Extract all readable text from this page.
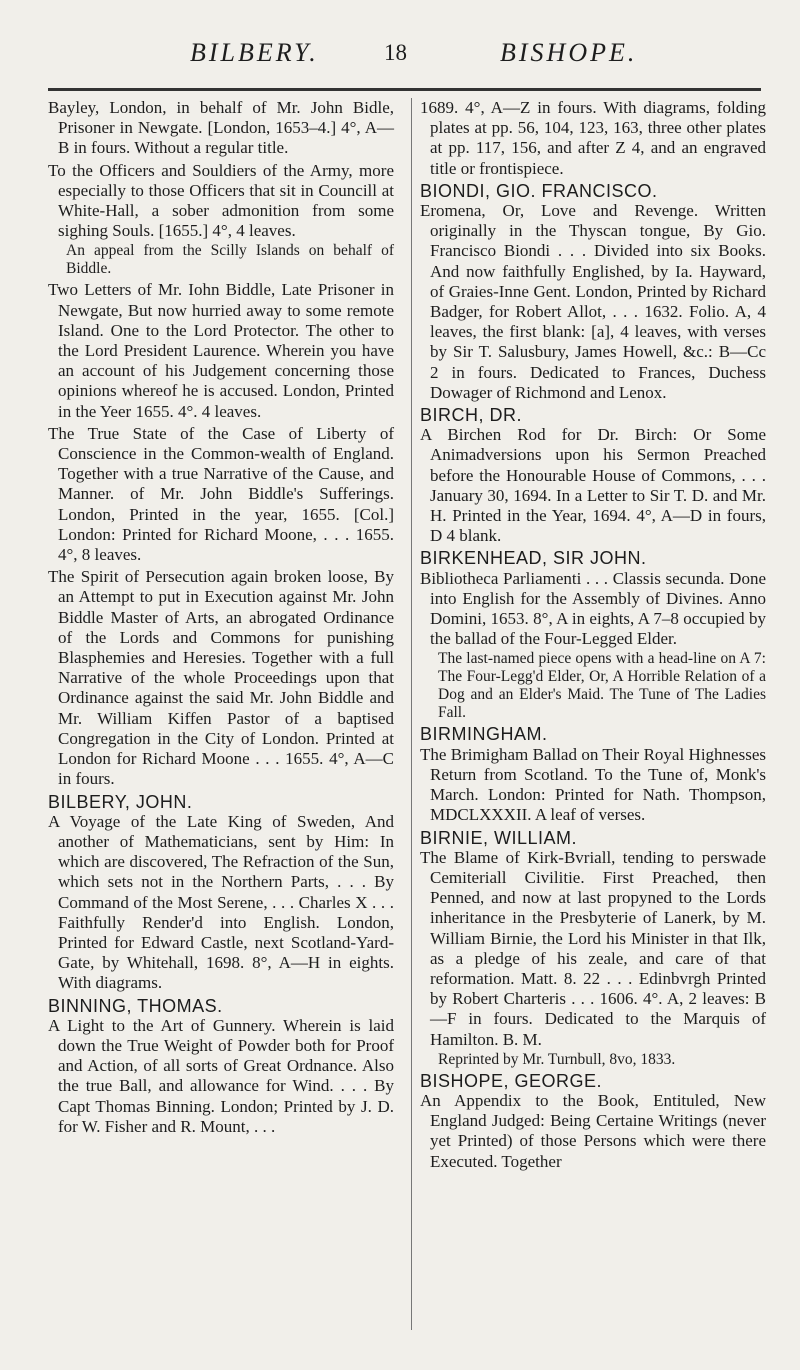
BILBERY.	18	BISHOPE.

Bayley, London, in behalf of Mr. John Bidle, Prisoner in Newgate. [London, 1653–4.] 4°, A—B in fours. Without a regular title.

To the Officers and Souldiers of the Army, more especially to those Officers that sit in Councill at White-Hall, a sober admonition from some sighing Souls. [1655.] 4°, 4 leaves.

An appeal from the Scilly Islands on behalf of Biddle.

Two Letters of Mr. Iohn Biddle, Late Prisoner in Newgate, But now hurried away to some remote Island. One to the Lord Protector. The other to the Lord President Laurence. Wherein you have an account of his Judgement concerning those opinions whereof he is accused. London, Printed in the Yeer 1655. 4°. 4 leaves.

The True State of the Case of Liberty of Conscience in the Common-wealth of England. Together with a true Narrative of the Cause, and Manner. of Mr. John Biddle's Sufferings. London, Printed in the year, 1655. [Col.] London: Printed for Richard Moone, . . . 1655. 4°, 8 leaves.

The Spirit of Persecution again broken loose, By an Attempt to put in Execution against Mr. John Biddle Master of Arts, an abrogated Ordinance of the Lords and Commons for punishing Blasphemies and Heresies. Together with a full Narrative of the whole Proceedings upon that Ordinance against the said Mr. John Biddle and Mr. William Kiffen Pastor of a baptised Congregation in the City of London. Printed at London for Richard Moone . . . 1655. 4°, A—C in fours.

BILBERY, JOHN.

A Voyage of the Late King of Sweden, And another of Mathematicians, sent by Him: In which are discovered, The Refraction of the Sun, which sets not in the Northern Parts, . . . By Command of the Most Serene, . . . Charles X . . . Faithfully Render'd into English. London, Printed for Edward Castle, next Scotland-Yard-Gate, by Whitehall, 1698. 8°, A—H in eights. With diagrams.

BINNING, THOMAS.

A Light to the Art of Gunnery. Wherein is laid down the True Weight of Powder both for Proof and Action, of all sorts of Great Ordnance. Also the true Ball, and allowance for Wind. . . . By Capt Thomas Binning. London; Printed by J. D. for W. Fisher and R. Mount, . . .

1689. 4°, A—Z in fours. With diagrams, folding plates at pp. 56, 104, 123, 163, three other plates at pp. 117, 156, and after Z 4, and an engraved title or frontispiece.

BIONDI, GIO. FRANCISCO.

Eromena, Or, Love and Revenge. Written originally in the Thyscan tongue, By Gio. Francisco Biondi . . . Divided into six Books. And now faithfully Englished, by Ia. Hayward, of Graies-Inne Gent. London, Printed by Richard Badger, for Robert Allot, . . . 1632. Folio. A, 4 leaves, the first blank: [a], 4 leaves, with verses by Sir T. Salusbury, James Howell, &c.: B—Cc 2 in fours. Dedicated to Frances, Duchess Dowager of Richmond and Lenox.

BIRCH, DR.

A Birchen Rod for Dr. Birch: Or Some Animadversions upon his Sermon Preached before the Honourable House of Commons, . . . January 30, 1694. In a Letter to Sir T. D. and Mr. H. Printed in the Year, 1694. 4°, A—D in fours, D 4 blank.

BIRKENHEAD, SIR JOHN.

Bibliotheca Parliamenti . . . Classis secunda. Done into English for the Assembly of Divines. Anno Domini, 1653. 8°, A in eights, A 7–8 occupied by the ballad of the Four-Legged Elder.

The last-named piece opens with a head-line on A 7: The Four-Legg'd Elder, Or, A Horrible Relation of a Dog and an Elder's Maid. The Tune of The Ladies Fall.

BIRMINGHAM.

The Brimigham Ballad on Their Royal Highnesses Return from Scotland. To the Tune of, Monk's March. London: Printed for Nath. Thompson, MDCLXXXII. A leaf of verses.

BIRNIE, WILLIAM.

The Blame of Kirk-Bvriall, tending to perswade Cemiteriall Civilitie. First Preached, then Penned, and now at last propyned to the Lords inheritance in the Presbyterie of Lanerk, by M. William Birnie, the Lord his Minister in that Ilk, as a pledge of his zeale, and care of that reformation. Matt. 8. 22 . . . Edinbvrgh Printed by Robert Charteris . . . 1606. 4°. A, 2 leaves: B—F in fours. Dedicated to the Marquis of Hamilton. B. M.

Reprinted by Mr. Turnbull, 8vo, 1833.

BISHOPE, GEORGE.

An Appendix to the Book, Entituled, New England Judged: Being Certaine Writings (never yet Printed) of those Persons which were there Executed. Together
